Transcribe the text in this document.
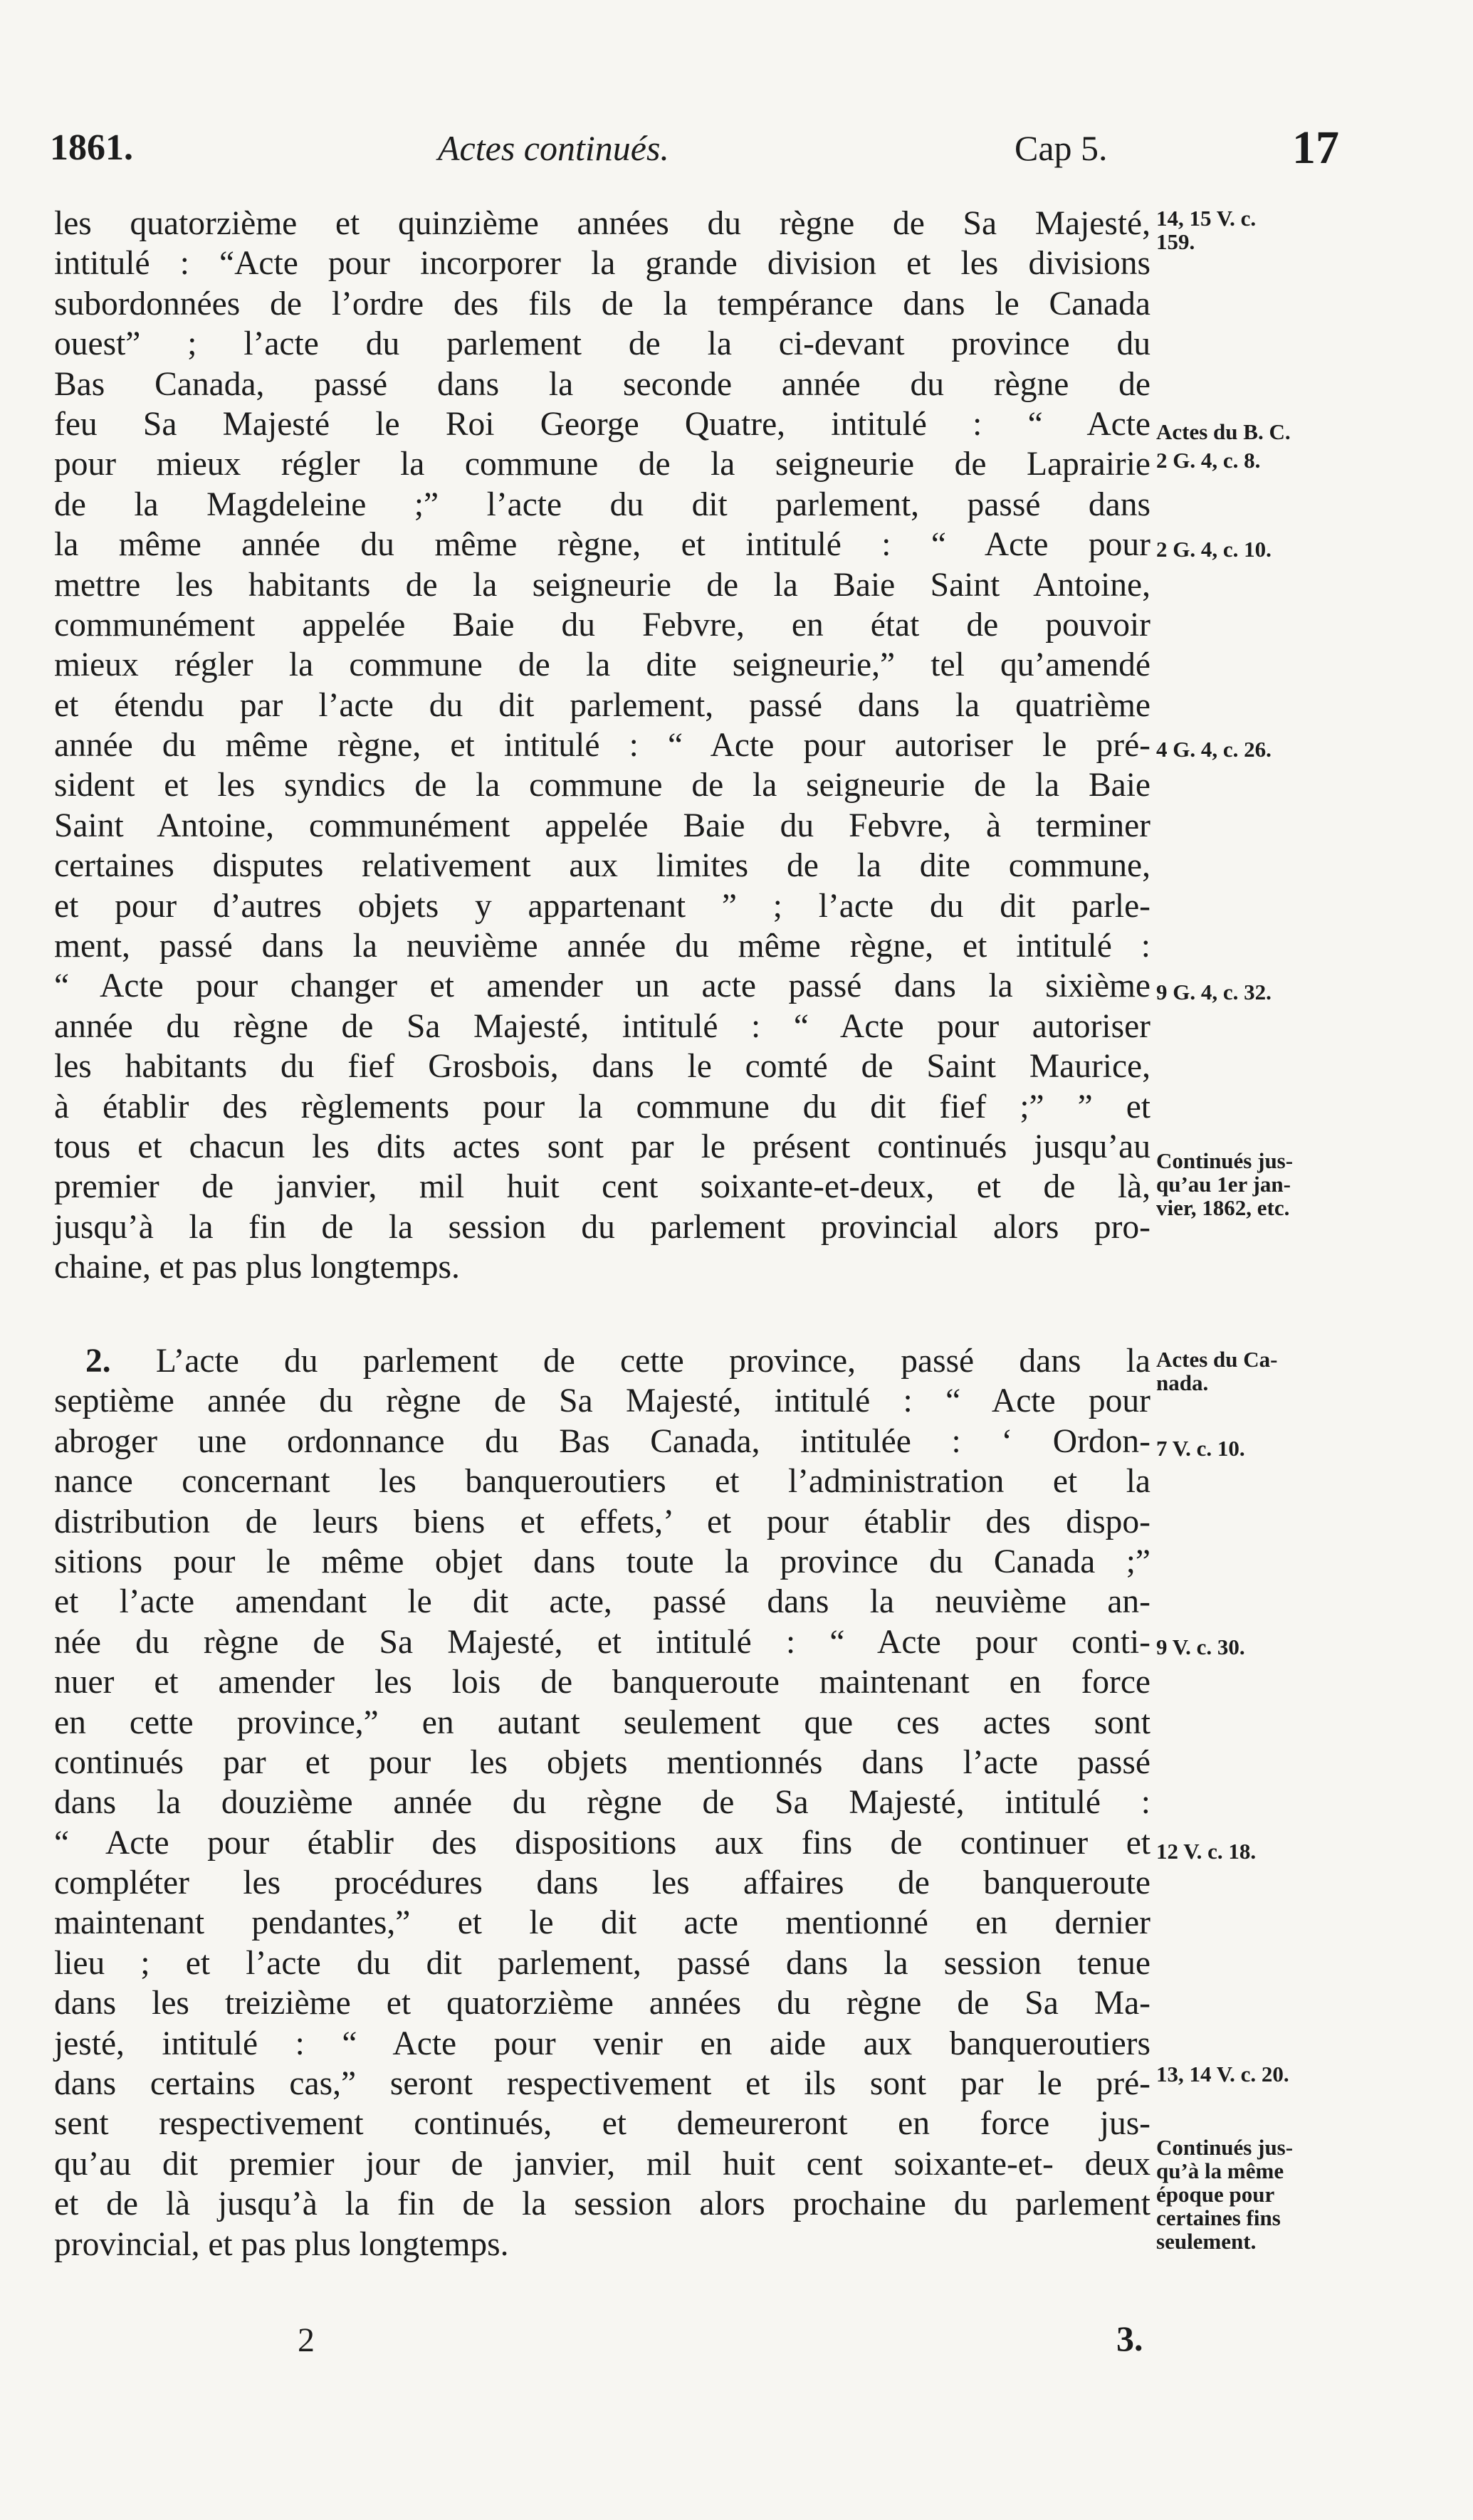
1861.	Actes continués.	Cap 5.	17
les quatorzième et quinzième années du règne de Sa Majesté,
intitulé : “Acte pour incorporer la grande division et les divisions
subordonnées de l’ordre des fils de la tempérance dans le Canada
ouest” ; l’acte du parlement de la ci-devant province du
Bas Canada, passé dans la seconde année du règne de
feu Sa Majesté le Roi George Quatre, intitulé : “ Acte
pour mieux régler la commune de la seigneurie de Laprairie
de la Magdeleine ;” l’acte du dit parlement, passé dans
la même année du même règne, et intitulé : “ Acte pour
mettre les habitants de la seigneurie de la Baie Saint Antoine,
communément appelée Baie du Febvre, en état de pouvoir
mieux régler la commune de la dite seigneurie,” tel qu’amendé
et étendu par l’acte du dit parlement, passé dans la quatrième
année du même règne, et intitulé : “ Acte pour autoriser le pré-
sident et les syndics de la commune de la seigneurie de la Baie
Saint Antoine, communément appelée Baie du Febvre, à terminer
certaines disputes relativement aux limites de la dite commune,
et pour d’autres objets y appartenant ” ; l’acte du dit parle-
ment, passé dans la neuvième année du même règne, et intitulé :
“ Acte pour changer et amender un acte passé dans la sixième
année du règne de Sa Majesté, intitulé : “ Acte pour autoriser
les habitants du fief Grosbois, dans le comté de Saint Maurice,
à établir des règlements pour la commune du dit fief ;” ” et
tous et chacun les dits actes sont par le présent continués jusqu’au
premier de janvier, mil huit cent soixante-et-deux, et de là,
jusqu’à la fin de la session du parlement provincial alors pro-
chaine, et pas plus longtemps.
2. L’acte du parlement de cette province, passé dans la
septième année du règne de Sa Majesté, intitulé : “ Acte pour
abroger une ordonnance du Bas Canada, intitulée : ‘ Ordon-
nance concernant les banqueroutiers et l’administration et la
distribution de leurs biens et effets,’ et pour établir des dispo-
sitions pour le même objet dans toute la province du Canada ;”
et l’acte amendant le dit acte, passé dans la neuvième an-
née du règne de Sa Majesté, et intitulé : “ Acte pour conti-
nuer et amender les lois de banqueroute maintenant en force
en cette province,” en autant seulement que ces actes sont
continués par et pour les objets mentionnés dans l’acte passé
dans la douzième année du règne de Sa Majesté, intitulé :
“ Acte pour établir des dispositions aux fins de continuer et
compléter les procédures dans les affaires de banqueroute
maintenant pendantes,” et le dit acte mentionné en dernier
lieu ; et l’acte du dit parlement, passé dans la session tenue
dans les treizième et quatorzième années du règne de Sa Ma-
jesté, intitulé : “ Acte pour venir en aide aux banqueroutiers
dans certains cas,” seront respectivement et ils sont par le pré-
sent respectivement continués, et demeureront en force jus-
qu’au dit premier jour de janvier, mil huit cent soixante-et- deux
et de là jusqu’à la fin de la session alors prochaine du parlement
provincial, et pas plus longtemps.
14, 15 V. c.
159.
Actes du B. C.
2 G. 4, c. 8.
2 G. 4, c. 10.
4 G. 4, c. 26.
9 G. 4, c. 32.
Continués jus-
qu’au 1er jan-
vier, 1862, etc.
Actes du Ca-
nada.
7 V. c. 10.
9 V. c. 30.
12 V. c. 18.
13, 14 V. c. 20.
Continués jus-
qu’à la même
époque pour
certaines fins
seulement.
2	3.
